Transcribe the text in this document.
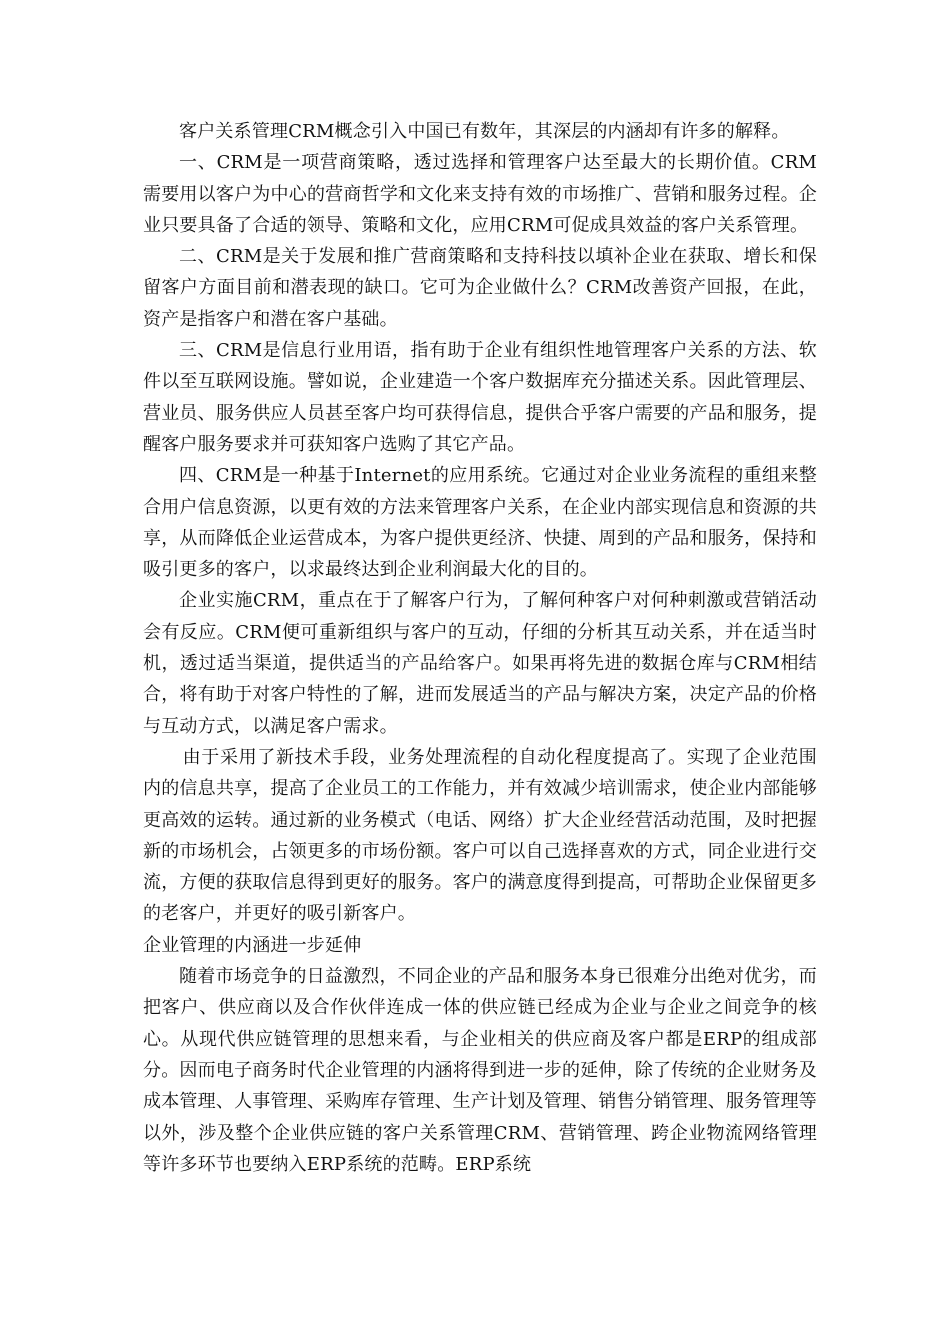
客户关系管理CRM概念引入中国已有数年，其深层的内涵却有许多的解释。

一、CRM是一项营商策略，透过选择和管理客户达至最大的长期价值。CRM需要用以客户为中心的营商哲学和文化来支持有效的市场推广、营销和服务过程。企业只要具备了合适的领导、策略和文化，应用CRM可促成具效益的客户关系管理。

二、CRM是关于发展和推广营商策略和支持科技以填补企业在获取、增长和保留客户方面目前和潜表现的缺口。它可为企业做什么？CRM改善资产回报，在此，资产是指客户和潜在客户基础。

三、CRM是信息行业用语，指有助于企业有组织性地管理客户关系的方法、软件以至互联网设施。譬如说，企业建造一个客户数据库充分描述关系。因此管理层、营业员、服务供应人员甚至客户均可获得信息，提供合乎客户需要的产品和服务，提醒客户服务要求并可获知客户选购了其它产品。

四、CRM是一种基于Internet的应用系统。它通过对企业业务流程的重组来整合用户信息资源，以更有效的方法来管理客户关系，在企业内部实现信息和资源的共享，从而降低企业运营成本，为客户提供更经济、快捷、周到的产品和服务，保持和吸引更多的客户，以求最终达到企业利润最大化的目的。

企业实施CRM，重点在于了解客户行为，了解何种客户对何种刺激或营销活动会有反应。CRM便可重新组织与客户的互动，仔细的分析其互动关系，并在适当时机，透过适当渠道，提供适当的产品给客户。如果再将先进的数据仓库与CRM相结合，将有助于对客户特性的了解，进而发展适当的产品与解决方案，决定产品的价格与互动方式，以满足客户需求。

由于采用了新技术手段，业务处理流程的自动化程度提高了。实现了企业范围内的信息共享，提高了企业员工的工作能力，并有效减少培训需求，使企业内部能够更高效的运转。通过新的业务模式（电话、网络）扩大企业经营活动范围，及时把握新的市场机会，占领更多的市场份额。客户可以自己选择喜欢的方式，同企业进行交流，方便的获取信息得到更好的服务。客户的满意度得到提高，可帮助企业保留更多的老客户，并更好的吸引新客户。

企业管理的内涵进一步延伸

随着市场竞争的日益激烈，不同企业的产品和服务本身已很难分出绝对优劣，而把客户、供应商以及合作伙伴连成一体的供应链已经成为企业与企业之间竞争的核心。从现代供应链管理的思想来看，与企业相关的供应商及客户都是ERP的组成部分。因而电子商务时代企业管理的内涵将得到进一步的延伸，除了传统的企业财务及成本管理、人事管理、采购库存管理、生产计划及管理、销售分销管理、服务管理等以外，涉及整个企业供应链的客户关系管理CRM、营销管理、跨企业物流网络管理等许多环节也要纳入ERP系统的范畴。ERP系统
